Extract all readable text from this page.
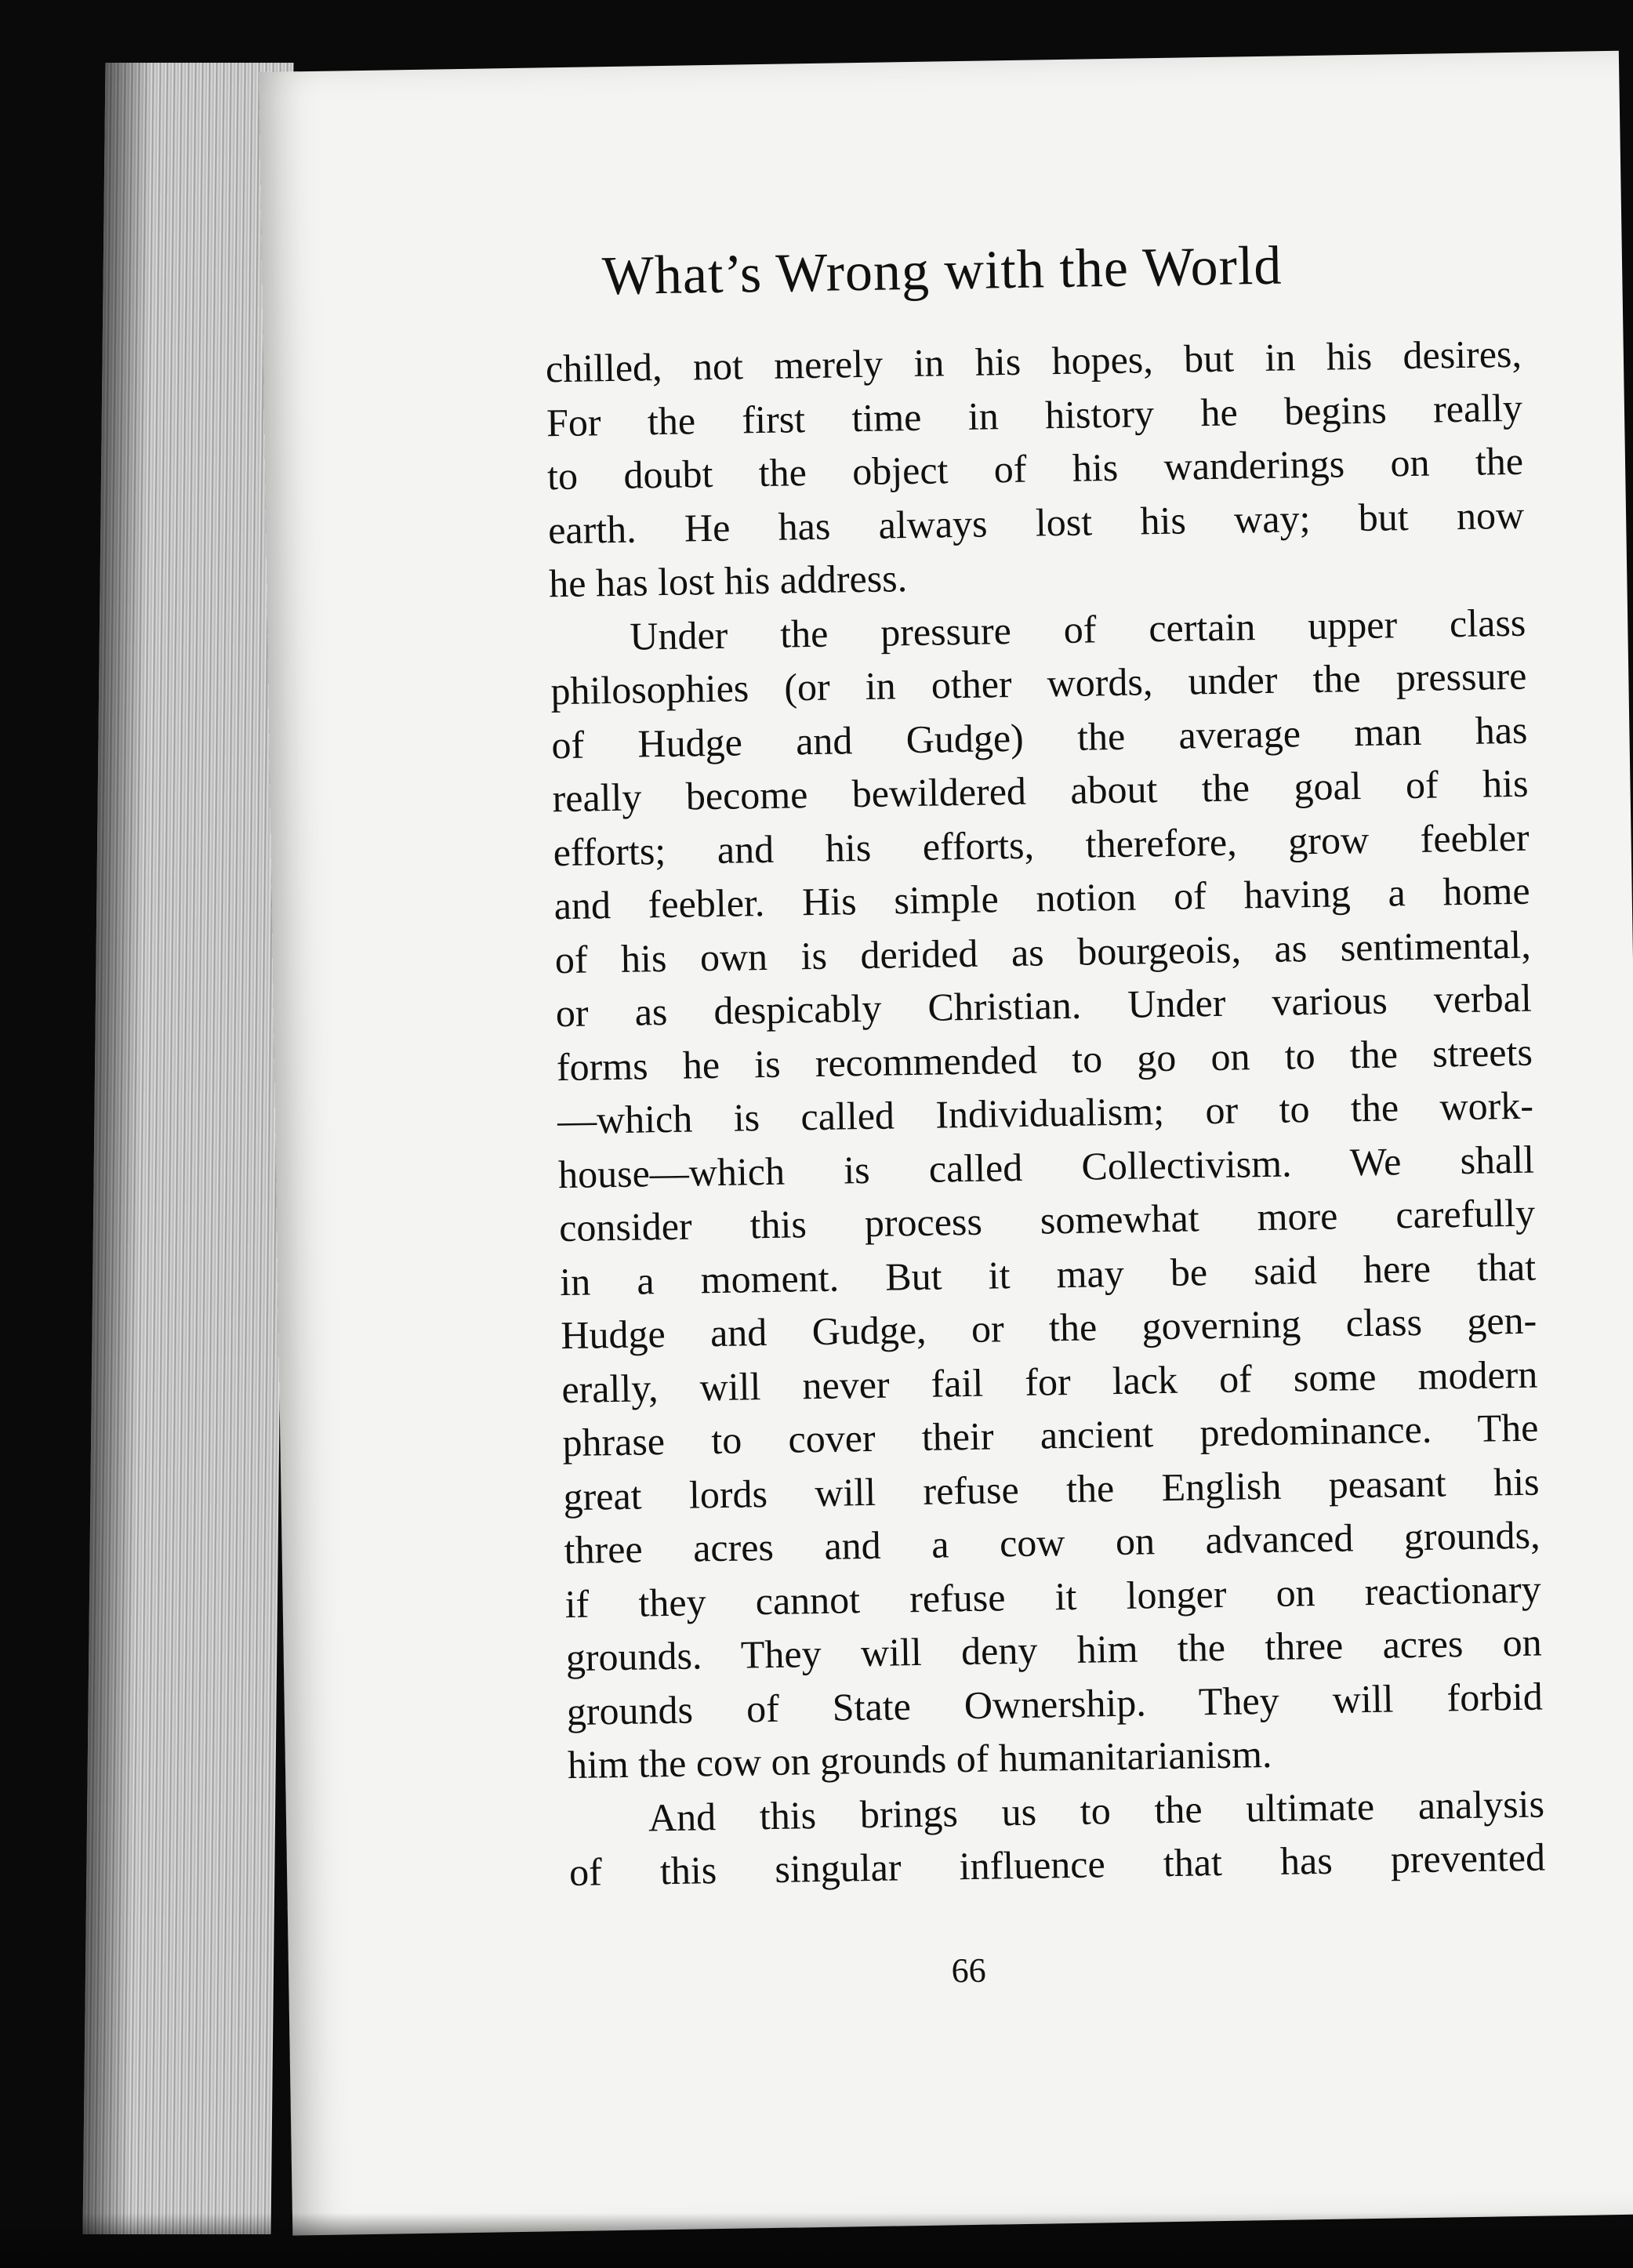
What’s Wrong with the World
chilled, not merely in his hopes, but in his desires,
For the first time in history he begins really
to doubt the object of his wanderings on the
earth. He has always lost his way; but now
he has lost his address.
Under the pressure of certain upper class
philosophies (or in other words, under the pressure
of Hudge and Gudge) the average man has
really become bewildered about the goal of his
efforts; and his efforts, therefore, grow feebler
and feebler. His simple notion of having a home
of his own is derided as bourgeois, as sentimental,
or as despicably Christian. Under various verbal
forms he is recommended to go on to the streets
—which is called Individualism; or to the work-
house—which is called Collectivism. We shall
consider this process somewhat more carefully
in a moment. But it may be said here that
Hudge and Gudge, or the governing class gen-
erally, will never fail for lack of some modern
phrase to cover their ancient predominance. The
great lords will refuse the English peasant his
three acres and a cow on advanced grounds,
if they cannot refuse it longer on reactionary
grounds. They will deny him the three acres on
grounds of State Ownership. They will forbid
him the cow on grounds of humanitarianism.
And this brings us to the ultimate analysis
of this singular influence that has prevented
66
